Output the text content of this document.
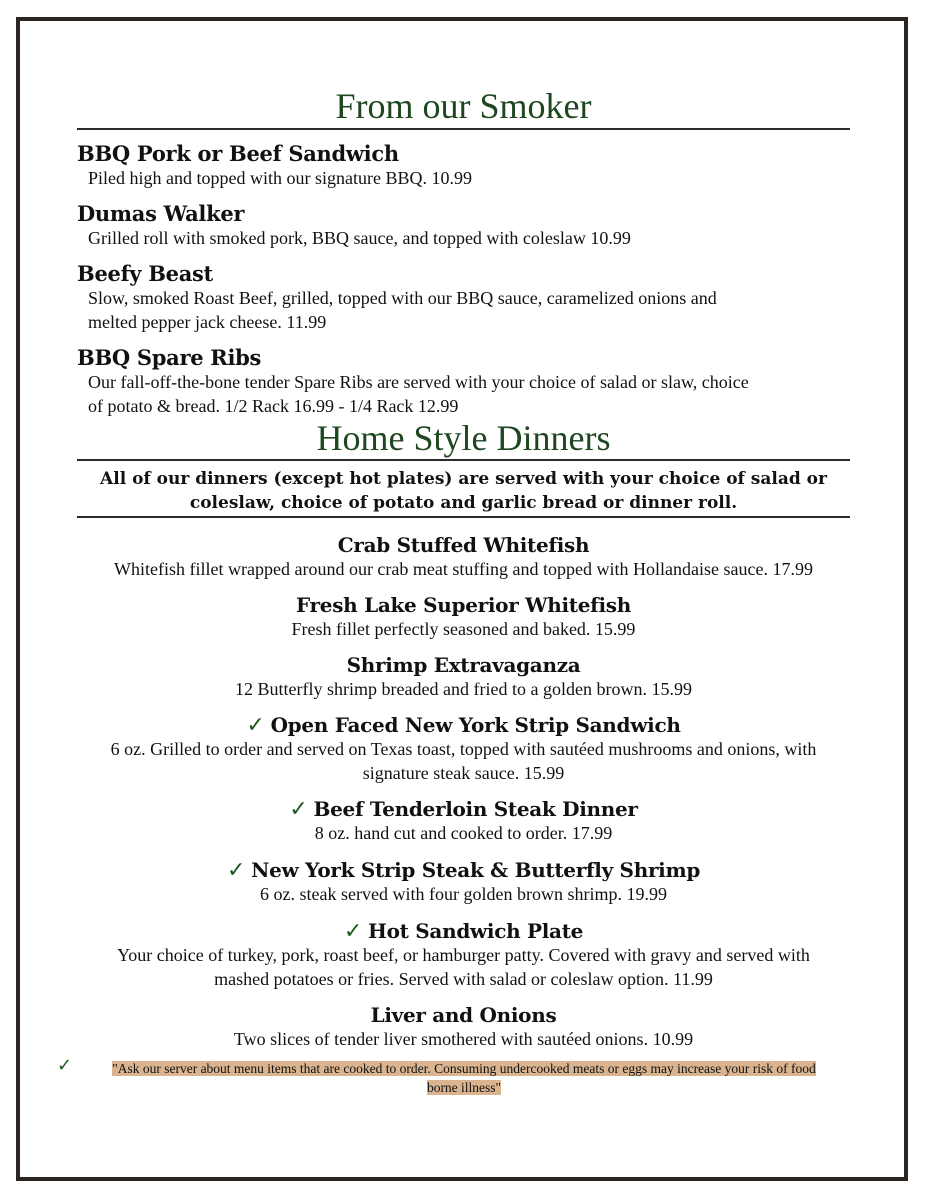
From our Smoker
BBQ Pork or Beef Sandwich
Piled high and topped with our signature BBQ. 10.99
Dumas Walker
Grilled roll with smoked pork, BBQ sauce, and topped with coleslaw 10.99
Beefy Beast
Slow, smoked Roast Beef, grilled, topped with our BBQ sauce, caramelized onions and
melted pepper jack cheese. 11.99
BBQ Spare Ribs
Our fall-off-the-bone tender Spare Ribs are served with your choice of salad or slaw, choice
of potato & bread. 1/2 Rack 16.99 - 1/4 Rack 12.99
Home Style Dinners
All of our dinners (except hot plates) are served with your choice of salad or coleslaw, choice of potato and garlic bread or dinner roll.
Crab Stuffed Whitefish
Whitefish fillet wrapped around our crab meat stuffing and topped with Hollandaise sauce. 17.99
Fresh Lake Superior Whitefish
Fresh fillet perfectly seasoned and baked. 15.99
Shrimp Extravaganza
12 Butterfly shrimp breaded and fried to a golden brown. 15.99
✓ Open Faced New York Strip Sandwich
6 oz. Grilled to order and served on Texas toast, topped with sautéed mushrooms and onions, with
signature steak sauce. 15.99
✓ Beef Tenderloin Steak Dinner
8 oz. hand cut and cooked to order. 17.99
✓ New York Strip Steak & Butterfly Shrimp
6 oz. steak served with four golden brown shrimp. 19.99
✓ Hot Sandwich Plate
Your choice of turkey, pork, roast beef, or hamburger patty. Covered with gravy and served with
mashed potatoes or fries. Served with salad or coleslaw option. 11.99
Liver and Onions
Two slices of tender liver smothered with sautéed onions. 10.99
✓	"Ask our server about menu items that are cooked to order. Consuming undercooked meats or eggs may increase your risk of food
borne illness"
